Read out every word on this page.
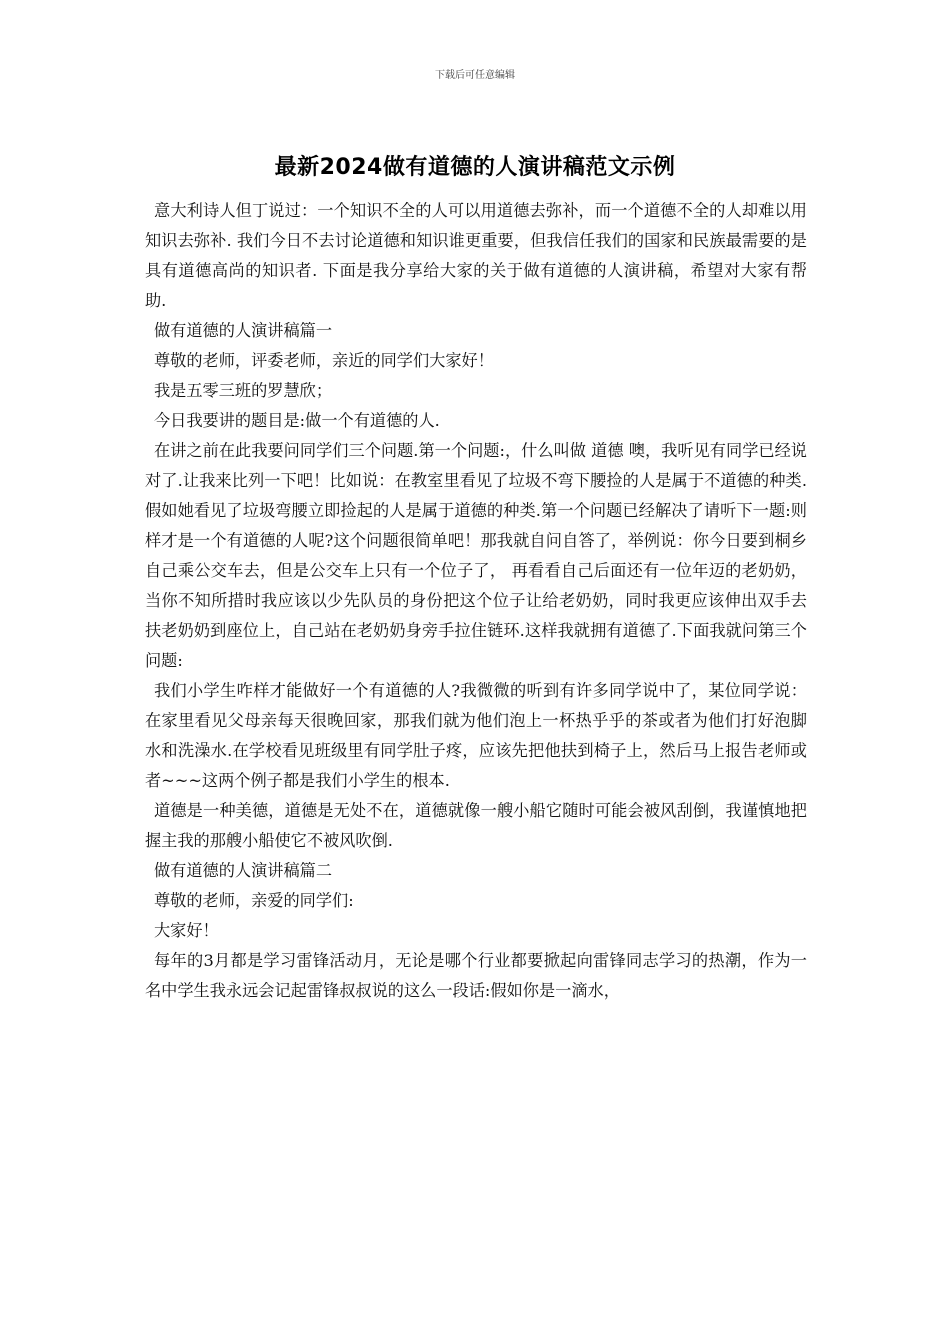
下载后可任意编辑
最新2024做有道德的人演讲稿范文示例

意大利诗人但丁说过：一个知识不全的人可以用道德去弥补，而一个道德不全的人却难以用知识去弥补. 我们今日不去讨论道德和知识谁更重要，但我信任我们的国家和民族最需要的是具有道德高尚的知识者. 下面是我分享给大家的关于做有道德的人演讲稿，希望对大家有帮助.

做有道德的人演讲稿篇一

尊敬的老师，评委老师，亲近的同学们大家好！

我是五零三班的罗慧欣；

今日我要讲的题目是:做一个有道德的人.

在讲之前在此我要问同学们三个问题.第一个问题:，什么叫做 道德 噢，我听见有同学已经说对了.让我来比列一下吧！比如说：在教室里看见了垃圾不弯下腰捡的人是属于不道德的种类.假如她看见了垃圾弯腰立即捡起的人是属于道德的种类.第一个问题已经解决了请听下一题:则样才是一个有道德的人呢?这个问题很简单吧！那我就自问自答了，举例说：你今日要到桐乡自己乘公交车去，但是公交车上只有一个位子了， 再看看自己后面还有一位年迈的老奶奶，当你不知所措时我应该以少先队员的身份把这个位子让给老奶奶，同时我更应该伸出双手去扶老奶奶到座位上，自己站在老奶奶身旁手拉住链环.这样我就拥有道德了.下面我就问第三个问题:

我们小学生咋样才能做好一个有道德的人?我微微的听到有许多同学说中了，某位同学说：在家里看见父母亲每天很晚回家，那我们就为他们泡上一杯热乎乎的茶或者为他们打好泡脚水和洗澡水.在学校看见班级里有同学肚子疼，应该先把他扶到椅子上，然后马上报告老师或者~~~这两个例子都是我们小学生的根本.

道德是一种美德，道德是无处不在，道德就像一艘小船它随时可能会被风刮倒，我谨慎地把握主我的那艘小船使它不被风吹倒.

做有道德的人演讲稿篇二

尊敬的老师，亲爱的同学们:

大家好！

每年的3月都是学习雷锋活动月，无论是哪个行业都要掀起向雷锋同志学习的热潮，作为一名中学生我永远会记起雷锋叔叔说的这么一段话:假如你是一滴水，
